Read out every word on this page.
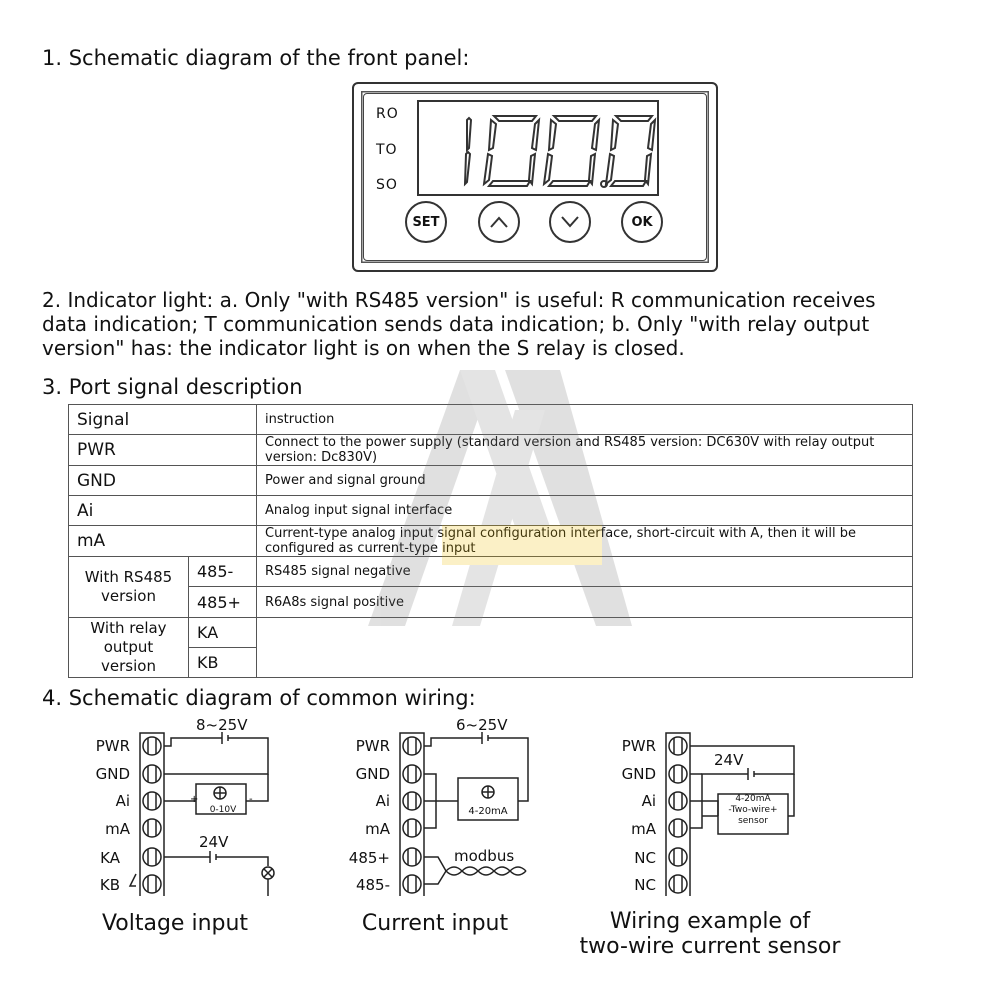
1. Schematic diagram of the front panel:
RO
TO
SO
SET	OK
2. Indicator light: a. Only "with RS485 version" is useful: R communication receives
data indication; T communication sends data indication; b. Only "with relay output
version" has: the indicator light is on when the S relay is closed.
3. Port signal description
Signal		instruction
PWR		Connect to the power supply (standard version and RS485 version: DC630V with relay output version: Dc830V)
GND		Power and signal ground
Ai		Analog input signal interface
mA		Current-type analog input signal configuration interface, short-circuit with A, then it will be configured as current-type input
With RS485 version	485-	RS485 signal negative
	485+	R6A8s signal positive
With relay output version	KA	
	KB	
4. Schematic diagram of common wiring:
PWR
GND
Ai
mA
KA
KB
+	-
8~25V
0-10V
24V
Voltage input
PWR
GND
Ai
mA
485+
485-
6~25V
4-20mA
modbus
Current input
PWR
GND
Ai
mA
NC
NC
24V
4-20mA
-Two-wire+
sensor
Wiring example of
two-wire current sensor
